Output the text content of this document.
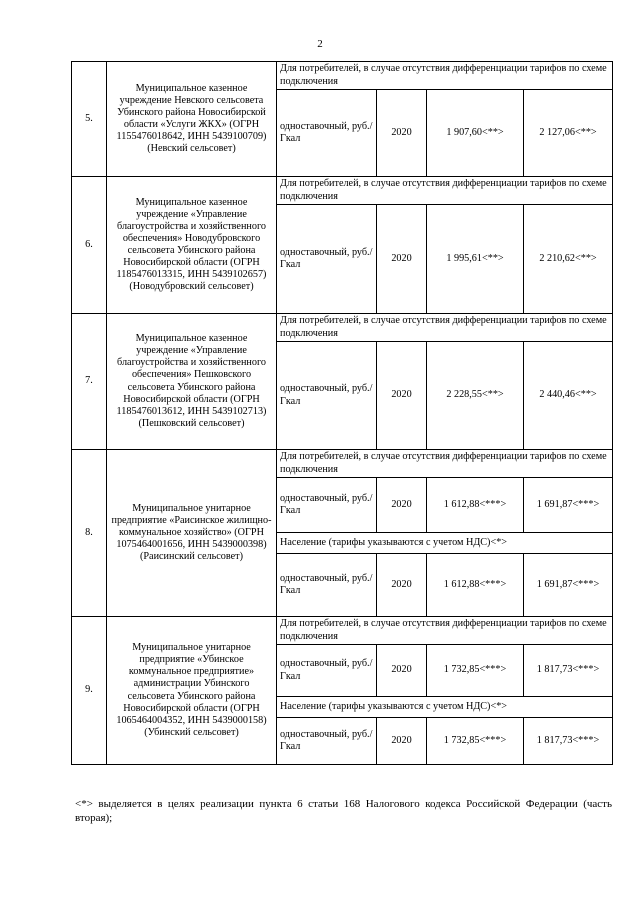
2
5.	Муниципальное казенное учреждение Невского сельсовета Убинского района Новосибирской области «Услуги ЖКХ» (ОГРН 1155476018642, ИНН 5439100709) (Невский сельсовет)	Для потребителей, в случае отсутствия дифференциации тарифов по схеме подключения			
		одноставочный, руб./Гкал	2020	1 907,60<**>	2 127,06<**>
6.	Муниципальное казенное учреждение «Управление благоустройства и хозяйственного обеспечения» Новодубровского сельсовета Убинского района Новосибирской области (ОГРН 1185476013315, ИНН 5439102657) (Новодубровский сельсовет)	Для потребителей, в случае отсутствия дифференциации тарифов по схеме подключения			
		одноставочный, руб./Гкал	2020	1 995,61<**>	2 210,62<**>
7.	Муниципальное казенное учреждение «Управление благоустройства и хозяйственного обеспечения» Пешковского сельсовета Убинского района Новосибирской области (ОГРН 1185476013612, ИНН 5439102713) (Пешковский сельсовет)	Для потребителей, в случае отсутствия дифференциации тарифов по схеме подключения			
		одноставочный, руб./Гкал	2020	2 228,55<**>	2 440,46<**>
8.	Муниципальное унитарное предприятие «Раисинское жилищно-коммунальное хозяйство» (ОГРН 1075464001656, ИНН 5439000398) (Раисинский сельсовет)	Для потребителей, в случае отсутствия дифференциации тарифов по схеме подключения			
		одноставочный, руб./Гкал	2020	1 612,88<***>	1 691,87<***>
		Население (тарифы указываются с учетом НДС)<*>			
		одноставочный, руб./Гкал	2020	1 612,88<***>	1 691,87<***>
9.	Муниципальное унитарное предприятие «Убинское коммунальное предприятие» администрации Убинского сельсовета Убинского района Новосибирской области (ОГРН 1065464004352, ИНН 5439000158) (Убинский сельсовет)	Для потребителей, в случае отсутствия дифференциации тарифов по схеме подключения			
		одноставочный, руб./Гкал	2020	1 732,85<***>	1 817,73<***>
		Население (тарифы указываются с учетом НДС)<*>			
		одноставочный, руб./Гкал	2020	1 732,85<***>	1 817,73<***>
<*> выделяется в целях реализации пункта 6 статьи 168 Налогового кодекса Российской Федерации (часть вторая);
